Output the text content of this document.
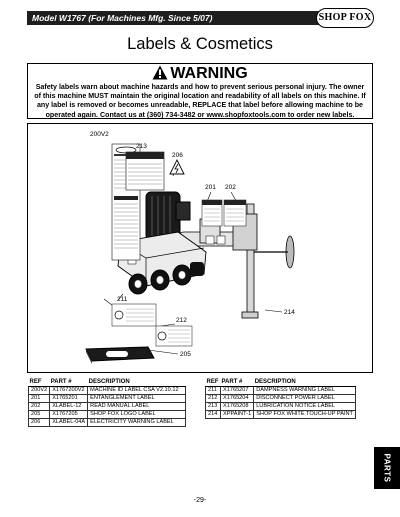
Model W1767 (For Machines Mfg. Since 5/07)	SHOP FOX
Labels & Cosmetics
WARNING
Safety labels warn about machine hazards and how to prevent serious personal injury. The owner of this machine MUST maintain the original location and readability of all labels on this machine. If any label is removed or becomes unreadable, REPLACE that label before allowing machine to be operated again. Contact us at (360) 734-3482 or www.shopfoxtools.com to order new labels.
200V2
213
206
201 202
211
212
214
205
REF	PART #	DESCRIPTION
200V2	X1767200V2	MACHINE ID LABEL CSA V2.10.12
201	X1765201	ENTANGLEMENT LABEL
202	XLABEL-12	READ MANUAL LABEL
205	X1767205	SHOP FOX LOGO LABEL
206	XLABEL-04A	ELECTRICITY WARNING LABEL
REF	PART #	DESCRIPTION
211	X1765207	DAMPNESS WARNING LABEL
212	X1765204	DISCONNECT POWER LABEL
213	X1765208	LUBRICATION NOTICE LABEL
214	XPPAINT-1	SHOP FOX WHITE TOUCH-UP PAINT
PARTS
-29-
